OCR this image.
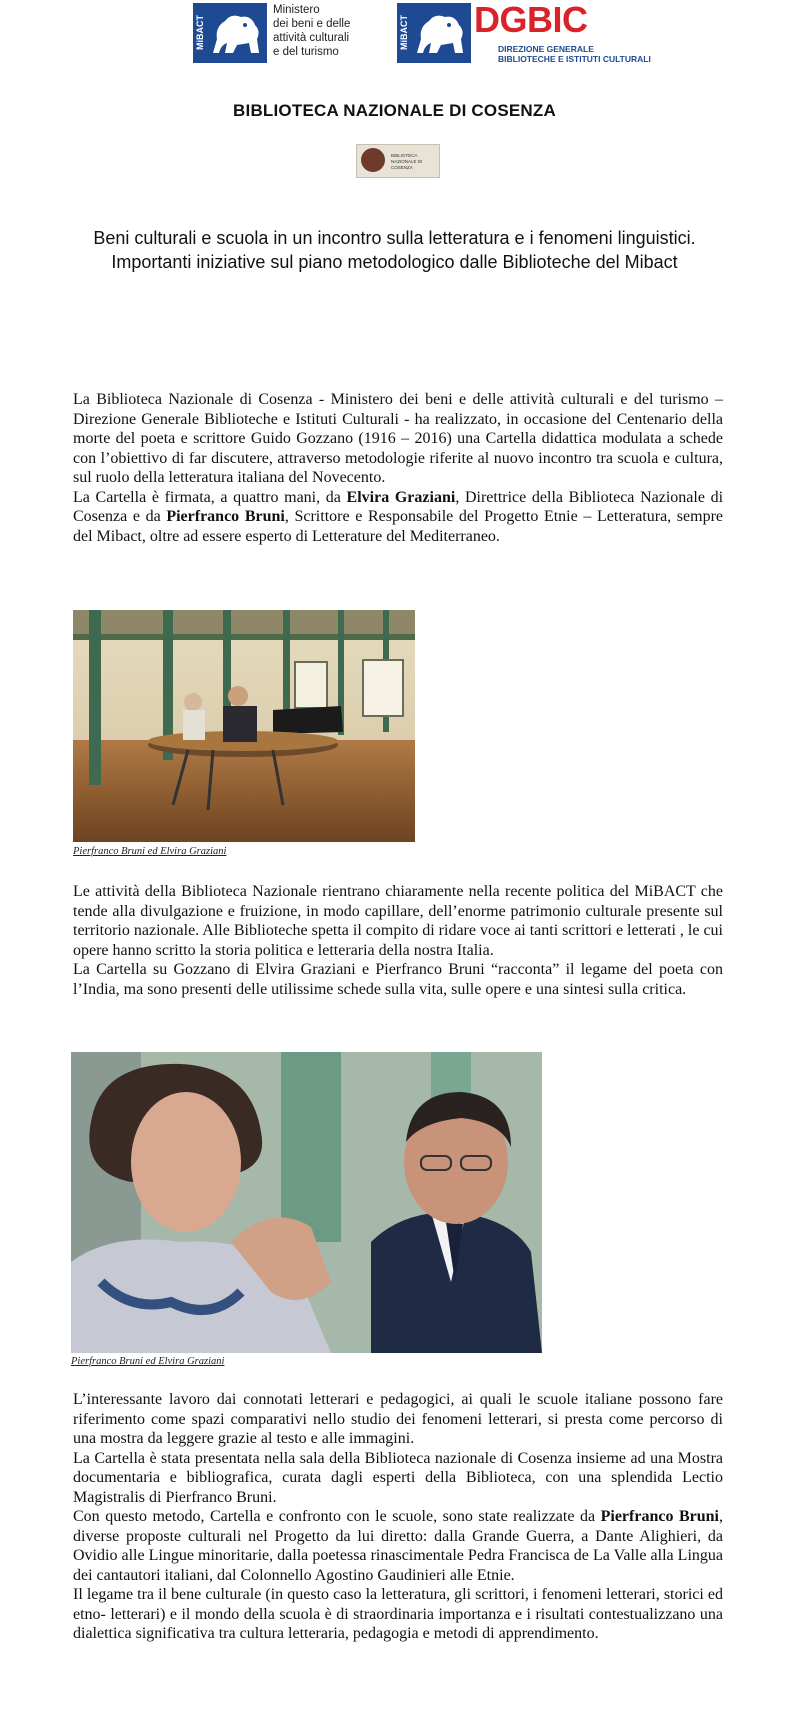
MiBACT
Ministero
dei beni e delle
attività culturali
e del turismo
MiBACT DGBIC
DIREZIONE GENERALE
BIBLIOTECHE E ISTITUTI CULTURALI
BIBLIOTECA NAZIONALE DI COSENZA
BIBLIOTECA NAZIONALE DI COSENZA
Beni culturali e scuola in un incontro sulla letteratura e i fenomeni linguistici. Importanti iniziative sul piano metodologico dalle Biblioteche del Mibact

La Biblioteca Nazionale di Cosenza - Ministero dei beni e delle attività culturali e del turismo – Direzione Generale Biblioteche e Istituti Culturali - ha realizzato, in occasione del Centenario della morte del poeta e scrittore Guido Gozzano (1916 – 2016) una Cartella didattica modulata a schede con l’obiettivo di far discutere, attraverso metodologie riferite al nuovo incontro tra scuola e cultura, sul ruolo della letteratura italiana del Novecento.

La Cartella è firmata, a quattro mani, da Elvira Graziani, Direttrice della Biblioteca Nazionale di Cosenza e da Pierfranco Bruni, Scrittore e Responsabile del Progetto Etnie – Letteratura, sempre del Mibact, oltre ad essere esperto di Letterature del Mediterraneo.

Pierfranco Bruni ed Elvira Graziani

Le attività della Biblioteca Nazionale rientrano chiaramente nella recente politica del MiBACT che tende alla divulgazione e fruizione, in modo capillare, dell’enorme patrimonio culturale presente sul territorio nazionale. Alle Biblioteche spetta il compito di ridare voce ai tanti scrittori e letterati , le cui opere hanno scritto la storia politica e letteraria della nostra Italia.

La Cartella su Gozzano di Elvira Graziani e Pierfranco Bruni “racconta” il legame del poeta con l’India, ma sono presenti delle utilissime schede sulla vita, sulle opere e una sintesi sulla critica.

Pierfranco Bruni ed Elvira Graziani

L’interessante lavoro dai connotati letterari e pedagogici, ai quali le scuole italiane possono fare riferimento come spazi comparativi nello studio dei fenomeni letterari, si presta come percorso di una mostra da leggere grazie al testo e alle immagini.

La Cartella è stata presentata nella sala della Biblioteca nazionale di Cosenza insieme ad una Mostra documentaria e bibliografica, curata dagli esperti della Biblioteca, con una splendida Lectio Magistralis di Pierfranco Bruni.

Con questo metodo, Cartella e confronto con le scuole, sono state realizzate da Pierfranco Bruni, diverse proposte culturali nel Progetto da lui diretto: dalla Grande Guerra, a Dante Alighieri, da Ovidio alle Lingue minoritarie, dalla poetessa rinascimentale Pedra Francisca de La Valle alla Lingua dei cantautori italiani, dal Colonnello Agostino Gaudinieri alle Etnie.

Il legame tra il bene culturale (in questo caso la letteratura, gli scrittori, i fenomeni letterari, storici ed etno- letterari) e il mondo della scuola è di straordinaria importanza e i risultati contestualizzano una dialettica significativa tra cultura letteraria, pedagogia e metodi di apprendimento.
